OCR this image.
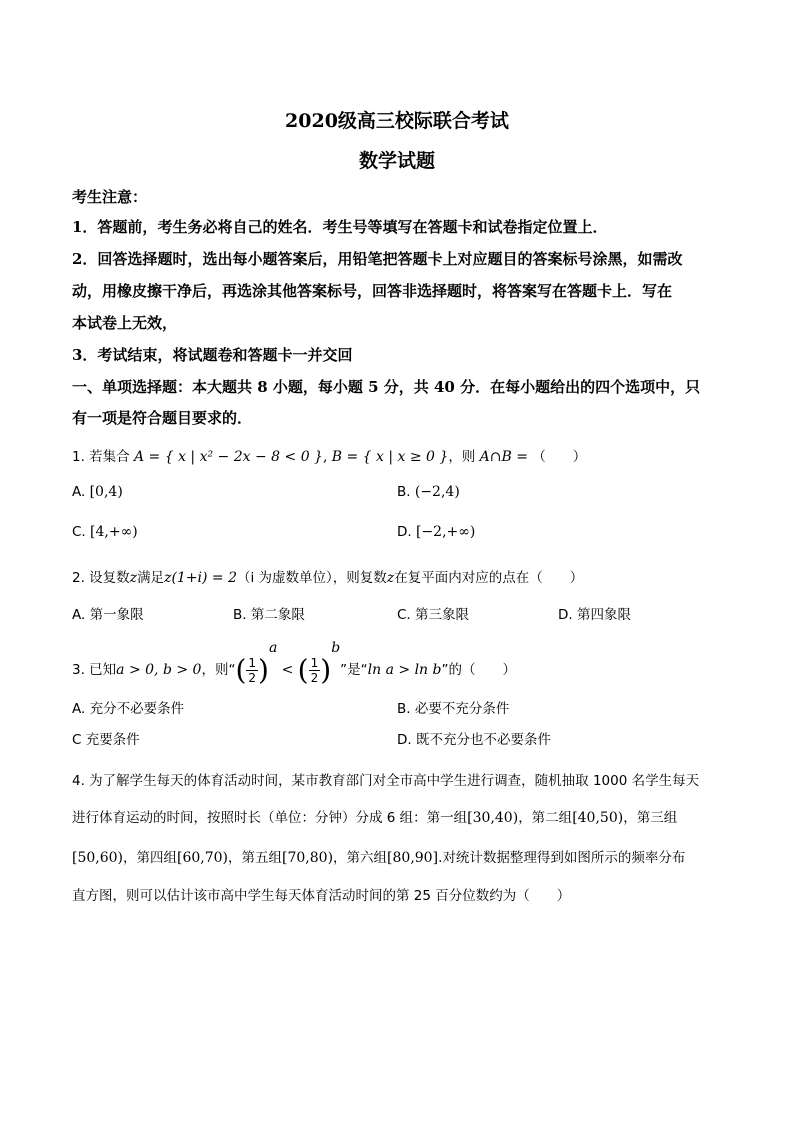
2020级高三校际联合考试
数学试题
考生注意：
1．答题前，考生务必将自己的姓名．考生号等填写在答题卡和试卷指定位置上．
2．回答选择题时，选出每小题答案后，用铅笔把答题卡上对应题目的答案标号涂黑，如需改
动，用橡皮擦干净后，再选涂其他答案标号，回答非选择题时，将答案写在答题卡上．写在
本试卷上无效，
3．考试结束，将试题卷和答题卡一并交回
一、单项选择题：本大题共 8 小题，每小题 5 分，共 40 分．在每小题给出的四个选项中，只
有一项是符合题目要求的．
1. 若集合 A = { x | x² − 2x − 8 < 0 }, B = { x | x ≥ 0 }，则 A∩B = （　　）
A. [0,4)	B. (−2,4)
C. [4,+∞)	D. [−2,+∞)
2. 设复数z满足z(1+i) = 2（i 为虚数单位），则复数z在复平面内对应的点在（　　）
A. 第一象限	B. 第二象限	C. 第三象限	D. 第四象限
3. 已知a > 0, b > 0，则“( $\frac{1}{2} )^a$ < ( $\frac{1}{2} )^b$”是“ln a > ln b”的（　　）
A. 充分不必要条件	B. 必要不充分条件
C 充要条件	D. 既不充分也不必要条件
4. 为了解学生每天的体育活动时间，某市教育部门对全市高中学生进行调查，随机抽取 1000 名学生每天
进行体育运动的时间，按照时长（单位：分钟）分成 6 组：第一组[30,40)，第二组[40,50)，第三组
[50,60)，第四组[60,70)，第五组[70,80)，第六组[80,90].对统计数据整理得到如图所示的频率分布
直方图，则可以估计该市高中学生每天体育活动时间的第 25 百分位数约为（　　）
